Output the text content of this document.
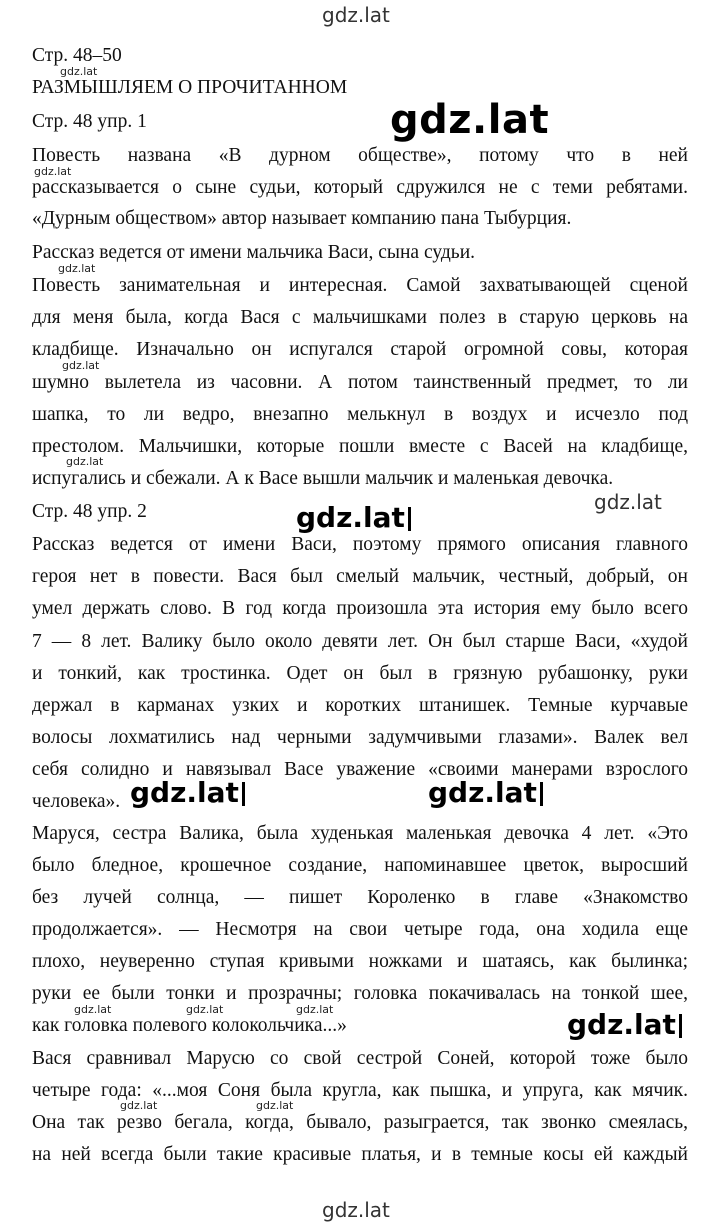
gdz.lat
gdz.lat
gdz.lat
gdz.lat
gdz.lat	gdz.lat
gdz.lat
gdz.lat
gdz.lat
gdz.lat
gdz.lat
gdz.lat
gdz.lat
gdz.lat	gdz.lat	gdz.lat
gdz.lat	gdz.lat
Стр. 48–50
РАЗМЫШЛЯЕМ О ПРОЧИТАННОМ
Стр. 48 упр. 1
Повесть названа «В дурном обществе», потому что в ней
рассказывается о сыне судьи, который сдружился не с теми ребятами.
«Дурным обществом» автор называет компанию пана Тыбурция.
Рассказ ведется от имени мальчика Васи, сына судьи.
Повесть занимательная и интересная. Самой захватывающей сценой
для меня была, когда Вася с мальчишками полез в старую церковь на
кладбище. Изначально он испугался старой огромной совы, которая
шумно вылетела из часовни. А потом таинственный предмет, то ли
шапка, то ли ведро, внезапно мелькнул в воздух и исчезло под
престолом. Мальчишки, которые пошли вместе с Васей на кладбище,
испугались и сбежали. А к Васе вышли мальчик и маленькая девочка.
Стр. 48 упр. 2
Рассказ ведется от имени Васи, поэтому прямого описания главного
героя нет в повести. Вася был смелый мальчик, честный, добрый, он
умел держать слово. В год когда произошла эта история ему было всего
7 — 8 лет. Валику было около девяти лет. Он был старше Васи, «худой
и тонкий, как тростинка. Одет он был в грязную рубашонку, руки
держал в карманах узких и коротких штанишек. Темные курчавые
волосы лохматились над черными задумчивыми глазами». Валек вел
себя солидно и навязывал Васе уважение «своими манерами взрослого
человека».
Маруся, сестра Валика, была худенькая маленькая девочка 4 лет. «Это
было бледное, крошечное создание, напоминавшее цветок, выросший
без лучей солнца, — пишет Короленко в главе «Знакомство
продолжается». — Несмотря на свои четыре года, она ходила еще
плохо, неуверенно ступая кривыми ножками и шатаясь, как былинка;
руки ее были тонки и прозрачны; головка покачивалась на тонкой шее,
как головка полевого колокольчика...»
Вася сравнивал Марусю со свой сестрой Соней, которой тоже было
четыре года: «...моя Соня была кругла, как пышка, и упруга, как мячик.
Она так резво бегала, когда, бывало, разыграется, так звонко смеялась,
на ней всегда были такие красивые платья, и в темные косы ей каждый
